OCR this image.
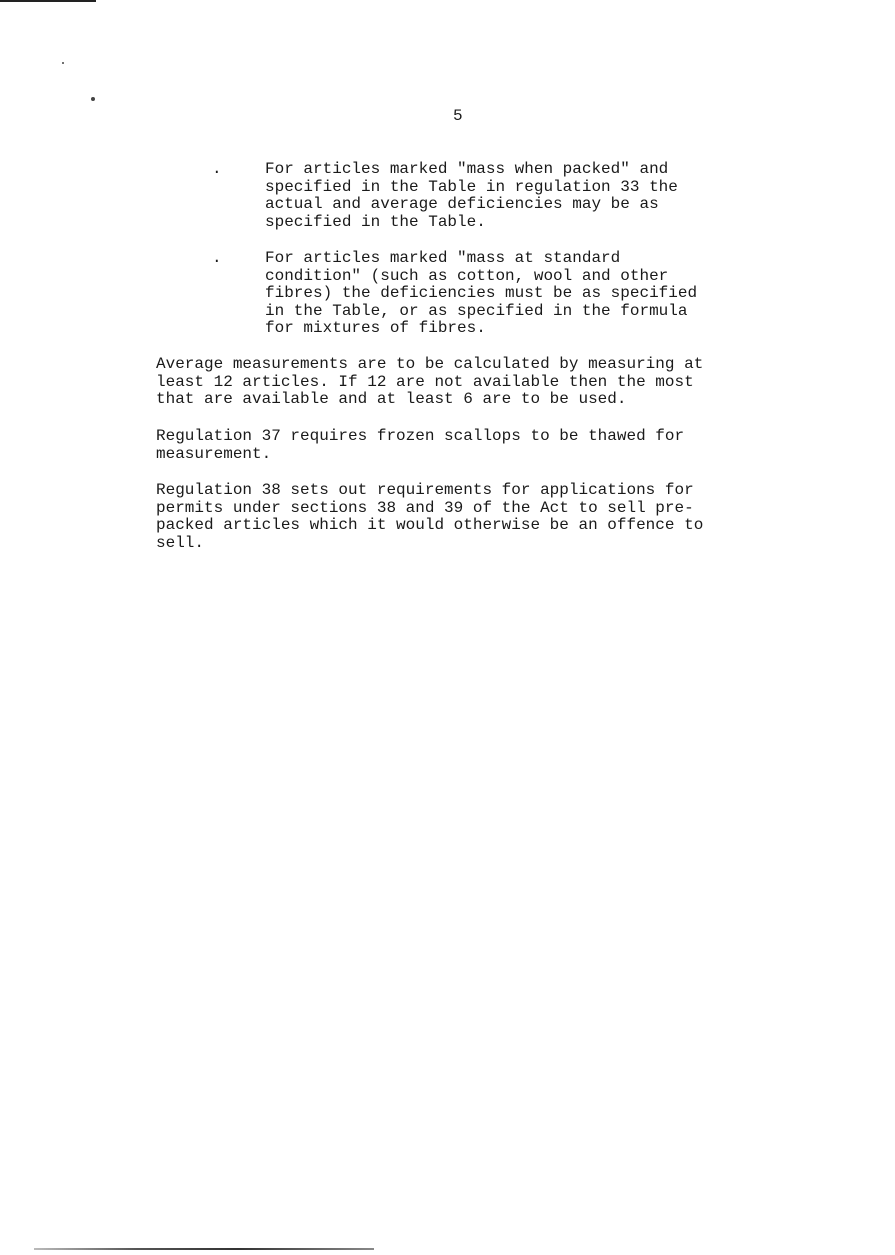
5
.	For articles marked "mass when packed" and
specified in the Table in regulation 33 the
actual and average deficiencies may be as
specified in the Table.
.	For articles marked "mass at standard
condition" (such as cotton, wool and other
fibres) the deficiencies must be as specified
in the Table, or as specified in the formula
for mixtures of fibres.
Average measurements are to be calculated by measuring at
least 12 articles. If 12 are not available then the most
that are available and at least 6 are to be used.
Regulation 37 requires frozen scallops to be thawed for
measurement.
Regulation 38 sets out requirements for applications for
permits under sections 38 and 39 of the Act to sell pre-
packed articles which it would otherwise be an offence to
sell.
